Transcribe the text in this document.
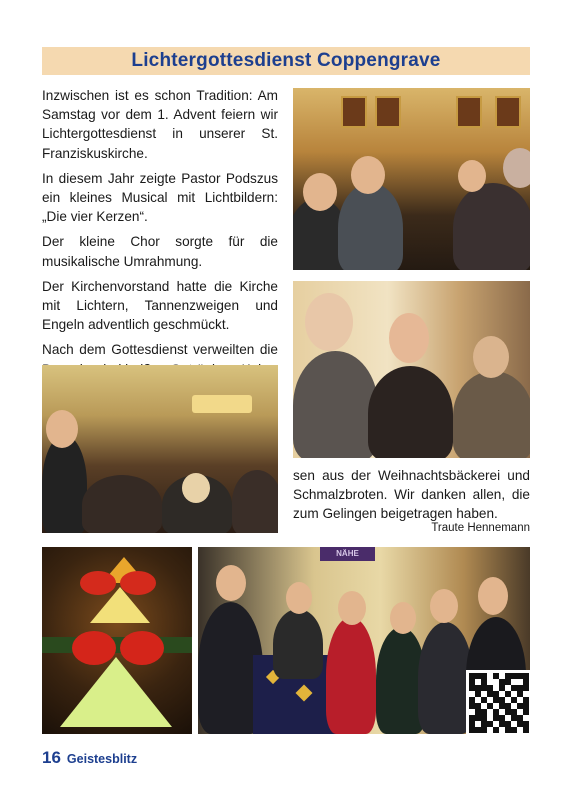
Lichtergottesdienst Coppengrave

Inzwischen ist es schon Tradition: Am Samstag vor dem 1. Advent feiern wir Lichtergottesdienst in unserer St. Franziskuskirche.

In diesem Jahr zeigte Pastor Podszus ein kleines Musical mit Lichtbildern: „Die vier Kerzen“.

Der kleine Chor sorgte für die musikalische Umrahmung.

Der Kirchenvorstand hatte die Kirche mit Lichtern, Tannenzweigen und Engeln adventlich geschmückt.

Nach dem Gottesdienst verweilten die

sen aus der Weihnachtsbäckerei und Schmalzbroten. Wir danken allen, die zum Gelingen beigetragen haben.

Traute Hennemann
NÄHE
16 Geistesblitz
